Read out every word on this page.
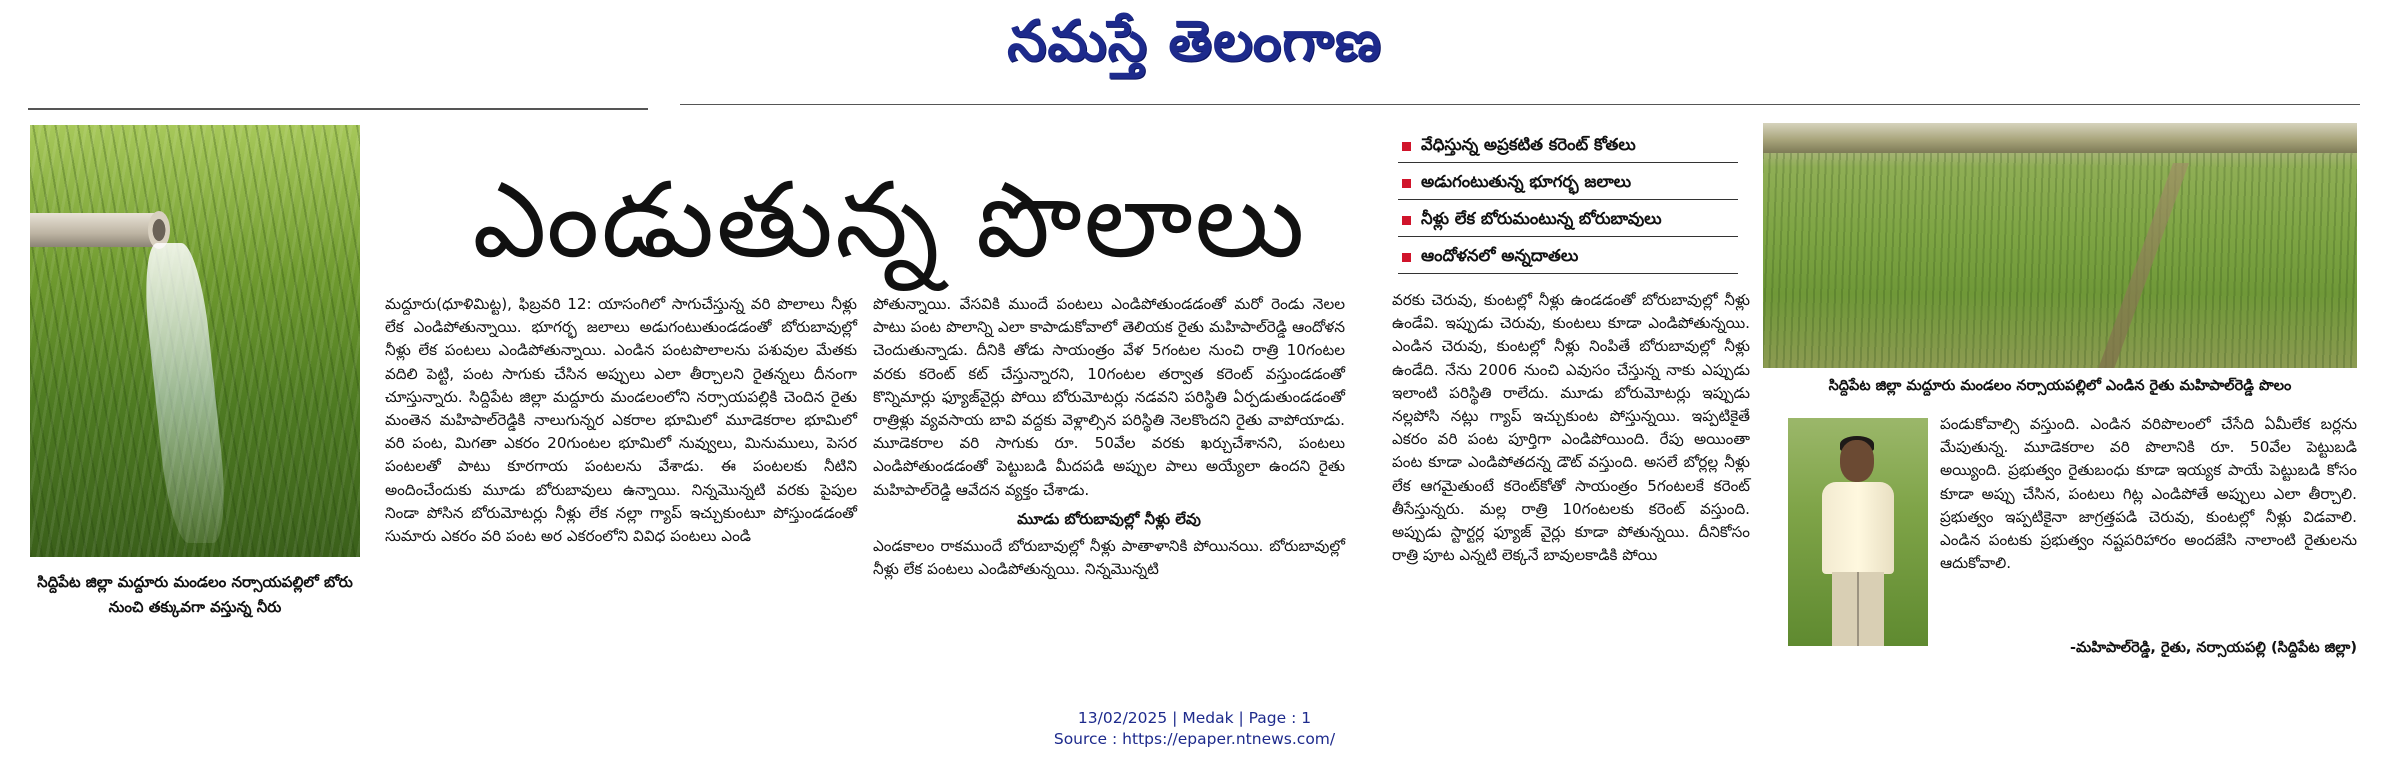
నమస్తే తెలంగాణ
సిద్దిపేట జిల్లా మద్దూరు మండలం నర్సాయపల్లిలో బోరు నుంచి తక్కువగా వస్తున్న నీరు
ఎండుతున్న పొలాలు

మద్దూరు(ధూళిమిట్ట), ఫిబ్రవరి 12: యాసంగిలో సాగుచేస్తున్న వరి పొలాలు నీళ్లు లేక ఎండిపోతున్నాయి. భూగర్భ జలాలు అడుగంటుతుండడంతో బోరుబావుల్లో నీళ్లు లేక పంటలు ఎండిపోతున్నాయి. ఎండిన పంటపొలాలను పశువుల మేతకు వదిలి పెట్టి, పంట సాగుకు చేసిన అప్పులు ఎలా తీర్చాలని రైతన్నలు దీనంగా చూస్తున్నారు. సిద్దిపేట జిల్లా మద్దూరు మండలంలోని నర్సాయపల్లికి చెందిన రైతు మంతెన మహిపాల్‌రెడ్డికి నాలుగున్నర ఎకరాల భూమిలో మూడెకరాల భూమిలో వరి పంట, మిగతా ఎకరం 20గుంటల భూమిలో నువ్వులు, మినుములు, పెసర పంటలతో పాటు కూరగాయ పంటలను వేశాడు. ఈ పంటలకు నీటిని అందించేందుకు మూడు బోరుబావులు ఉన్నాయి. నిన్నమొన్నటి వరకు పైపుల నిండా పోసిన బోరుమోటర్లు నీళ్లు లేక నల్లా గ్యాప్ ఇచ్చుకుంటూ పోస్తుండడంతో సుమారు ఎకరం వరి పంట అర ఎకరంలోని వివిధ పంటలు ఎండి

పోతున్నాయి. వేసవికి ముందే పంటలు ఎండిపోతుండడంతో మరో రెండు నెలల పాటు పంట పొలాన్ని ఎలా కాపాడుకోవాలో తెలియక రైతు మహిపాల్‌రెడ్డి ఆందోళన చెందుతున్నాడు. దీనికి తోడు సాయంత్రం వేళ 5గంటల నుంచి రాత్రి 10గంటల వరకు కరెంట్ కట్ చేస్తున్నారని, 10గంటల తర్వాత కరెంట్ వస్తుండడంతో కొన్నిమార్లు ఫ్యూజ్‌వైర్లు పోయి బోరుమోటర్లు నడవని పరిస్థితి ఏర్పడుతుండడంతో రాత్రిళ్లు వ్యవసాయ బావి వద్దకు వెళ్లాల్సిన పరిస్థితి నెలకొందని రైతు వాపోయాడు. మూడెకరాల వరి సాగుకు రూ. 50వేల వరకు ఖర్చుచేశానని, పంటలు ఎండిపోతుండడంతో పెట్టుబడి మీదపడి అప్పుల పాలు అయ్యేలా ఉందని రైతు మహిపాల్‌రెడ్డి ఆవేదన వ్యక్తం చేశాడు.

మూడు బోరుబావుల్లో నీళ్లు లేవు

ఎండకాలం రాకముందే బోరుబావుల్లో నీళ్లు పాతాళానికి పోయినయి. బోరుబావుల్లో నీళ్లు లేక పంటలు ఎండిపోతున్నయి. నిన్నమొన్నటి

వేధిస్తున్న అప్రకటిత కరెంట్ కోతలు
అడుగంటుతున్న భూగర్భ జలాలు
నీళ్లు లేక బోరుమంటున్న బోరుబావులు
ఆందోళనలో అన్నదాతలు

వరకు చెరువు, కుంటల్లో నీళ్లు ఉండడంతో బోరుబావుల్లో నీళ్లు ఉండేవి. ఇప్పుడు చెరువు, కుంటలు కూడా ఎండిపోతున్నయి. ఎండిన చెరువు, కుంటల్లో నీళ్లు నింపితే బోరుబావుల్లో నీళ్లు ఉండేది. నేను 2006 నుంచి ఎవుసం చేస్తున్న నాకు ఎప్పుడు ఇలాంటి పరిస్థితి రాలేదు. మూడు బోరుమోటర్లు ఇప్పుడు నల్లపోసి నట్లు గ్యాప్ ఇచ్చుకుంట పోస్తున్నయి. ఇప్పటికైతే ఎకరం వరి పంట పూర్తిగా ఎండిపోయింది. రేపు అయింతా పంట కూడా ఎండిపోతదన్న డౌట్ వస్తుంది. అసలే బోర్లల్ల నీళ్లు లేక ఆగమైతుంటే కరెంట్‌కోతో సాయంత్రం 5గంటలకే కరెంట్ తీసేస్తున్నరు. మల్ల రాత్రి 10గంటలకు కరెంట్ వస్తుంది. అప్పుడు స్టార్టర్ల ఫ్యూజ్ వైర్లు కూడా పోతున్నయి. దీనికోసం రాత్రి పూట ఎన్నటి లెక్కనే బావులకాడికి పోయి

సిద్దిపేట జిల్లా మద్దూరు మండలం నర్సాయపల్లిలో ఎండిన రైతు మహిపాల్‌రెడ్డి పొలం

పండుకోవాల్సి వస్తుంది. ఎండిన వరిపొలంలో చేసేది ఏమీలేక బర్లను మేపుతున్న. మూడెకరాల వరి పొలానికి రూ. 50వేల పెట్టుబడి అయ్యింది. ప్రభుత్వం రైతుబంధు కూడా ఇయ్యక పాయే పెట్టుబడి కోసం కూడా అప్పు చేసిన, పంటలు గిట్ల ఎండిపోతే అప్పులు ఎలా తీర్చాలి. ప్రభుత్వం ఇప్పటికైనా జాగ్రత్తపడి చెరువు, కుంటల్లో నీళ్లు విడవాలి. ఎండిన పంటకు ప్రభుత్వం నష్టపరిహారం అందజేసి నాలాంటి రైతులను ఆదుకోవాలి.

-మహిపాల్‌రెడ్డి, రైతు, నర్సాయపల్లి (సిద్దిపేట జిల్లా)
13/02/2025 | Medak | Page : 1
Source : https://epaper.ntnews.com/
